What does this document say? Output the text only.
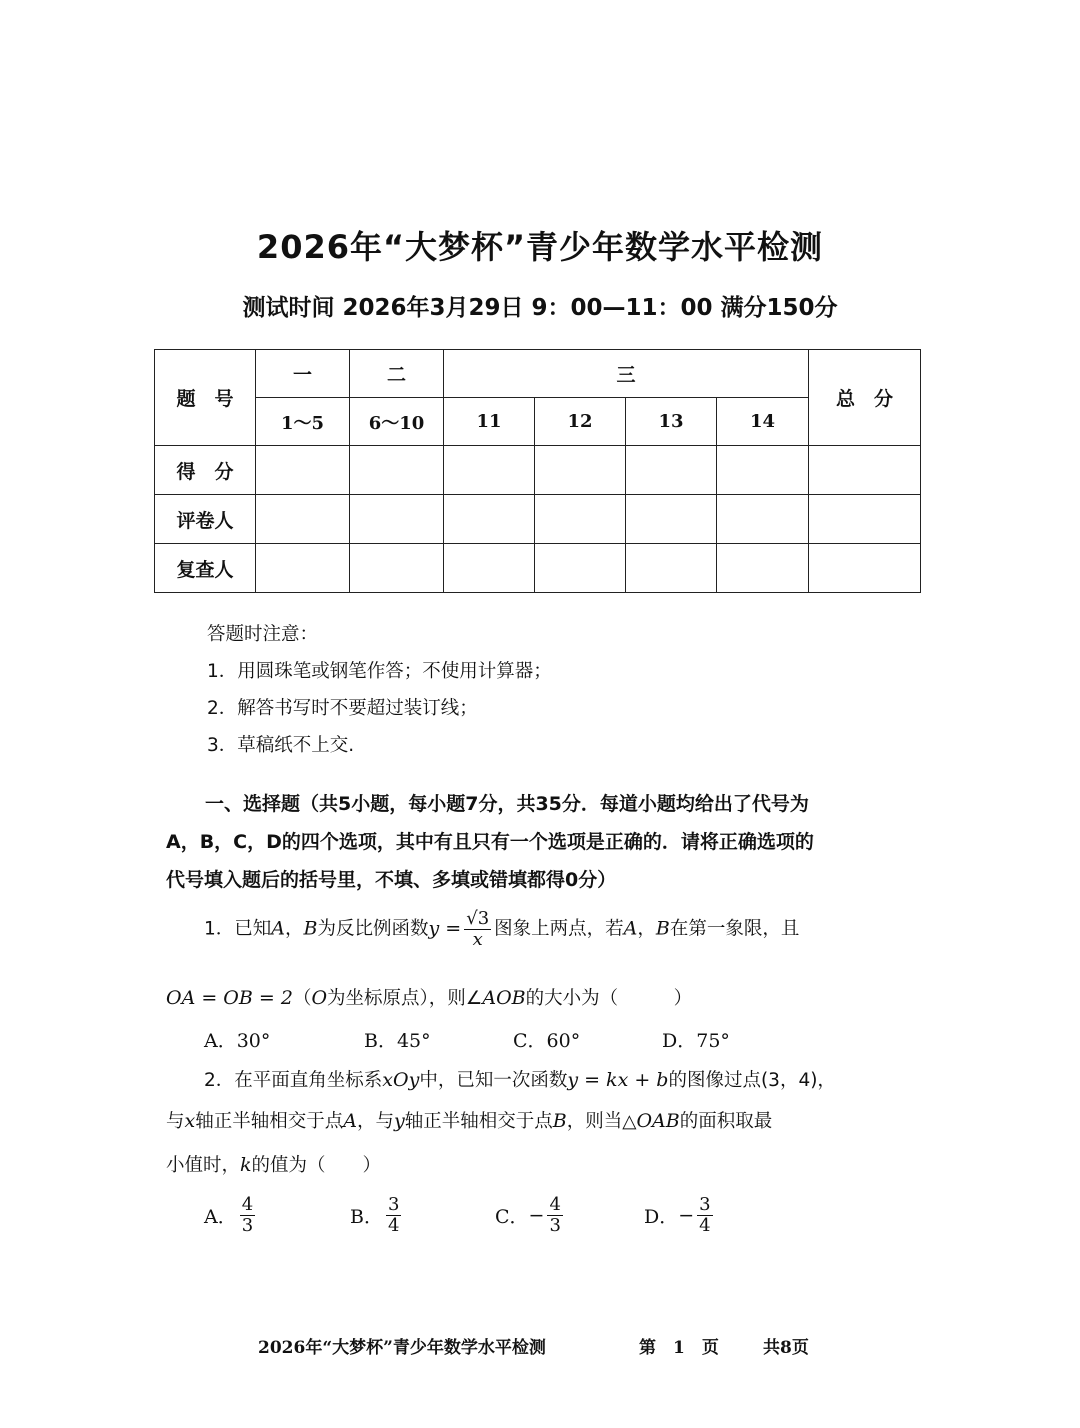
2026年“大梦杯”青少年数学水平检测
测试时间 2026年3月29日 9：00—11：00 满分150分
题　号	一	二	三				总　分
	1～5	6～10	11	12	13	14	
得　分							
评卷人							
复查人							
答题时注意：
1．用圆珠笔或钢笔作答；不使用计算器；
2．解答书写时不要超过装订线；
3．草稿纸不上交.
一、选择题（共5小题，每小题7分，共35分．每道小题均给出了代号为
A，B，C，D的四个选项，其中有且只有一个选项是正确的．请将正确选项的
代号填入题后的括号里，不填、多填或错填都得0分）
1．已知A，B为反比例函数$y = \frac{√3}{x}$ 图象上两点，若A，B在第一象限，且
OA = OB = 2（O为坐标原点），则∠AOB的大小为（　　　）
A．30°	B．45°	C．60°	D．75°
2．在平面直角坐标系xOy中，已知一次函数y = kx + b的图像过点(3，4)，
与x轴正半轴相交于点A，与y轴正半轴相交于点B，则当△OAB的面积取最
小值时，k的值为（　　）
A． $\frac{4}{3}$	B． $\frac{3}{4}$	C．− $\frac{4}{3}$	D．− $\frac{3}{4}$
2026年“大梦杯”青少年数学水平检测	第　1　页	共8页
